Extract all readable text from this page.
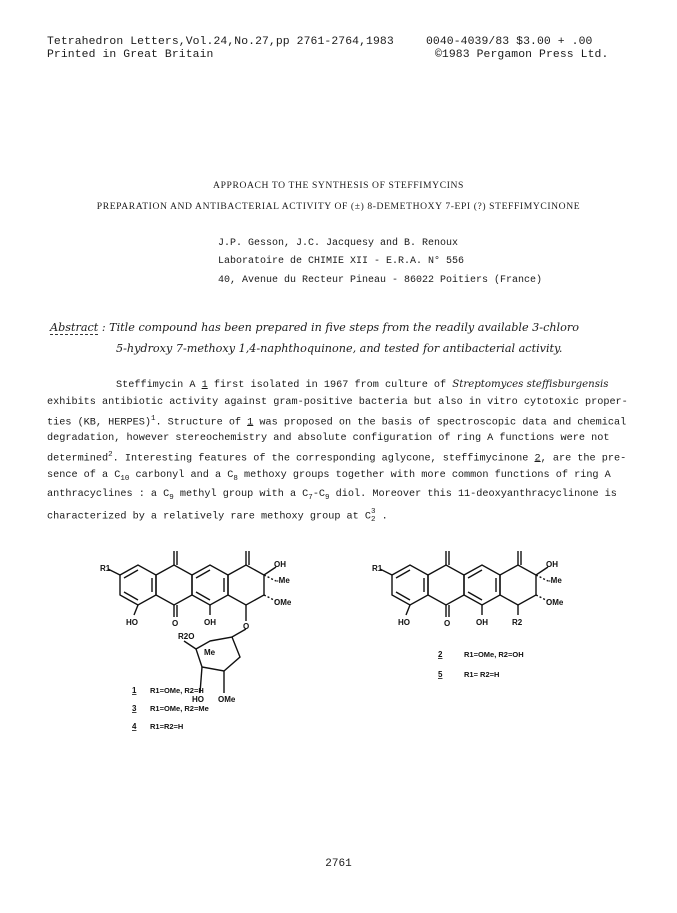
Tetrahedron Letters,Vol.24,No.27,pp 2761-2764,1983
Printed in Great Britain
0040-4039/83 $3.00 + .00
©1983 Pergamon Press Ltd.
APPROACH TO THE SYNTHESIS OF STEFFIMYCINS
PREPARATION AND ANTIBACTERIAL ACTIVITY OF (±) 8-DEMETHOXY 7-EPI (?) STEFFIMYCINONE
J.P. Gesson, J.C. Jacquesy and B. Renoux
Laboratoire de CHIMIE XII - E.R.A. N° 556
40, Avenue du Recteur Pineau - 86022 Poitiers (France)
Abstract : Title compound has been prepared in five steps from the readily available 3-chloro
5-hydroxy 7-methoxy 1,4-naphthoquinone, and tested for antibacterial activity.
Steffimycin A 1 first isolated in 1967 from culture of Streptomyces steffisburgensis
exhibits antibiotic activity against gram-positive bacteria but also in vitro cytotoxic proper-
ties (KB, HERPES)$^1$. Structure of 1 was proposed on the basis of spectroscopic data and chemical
degradation, however stereochemistry and absolute configuration of ring A functions were not
determined$^2$. Interesting features of the corresponding aglycone, steffimycinone 2, are the pre-
sence of a $C_{10}$ carbonyl and a $C_8$ methoxy groups together with more common functions of ring A
anthracyclines : a $C_9$ methyl group with a $C_7-C_9$ diol. Moreover this 11-deoxyanthracyclinone is
characterized by a relatively rare methoxy group at C 3
2 .
R1	OH
-Me
OMe
HO	O	OH	O
R2O
Me
HO OMe
1 R1=OMe, R2=H
3 R1=OMe, R2=Me
4 R1=R2=H
R1	OH
-Me
OMe
HO	O	OH	R2
2	R1=OMe, R2=OH
5	R1= R2=H
2761
